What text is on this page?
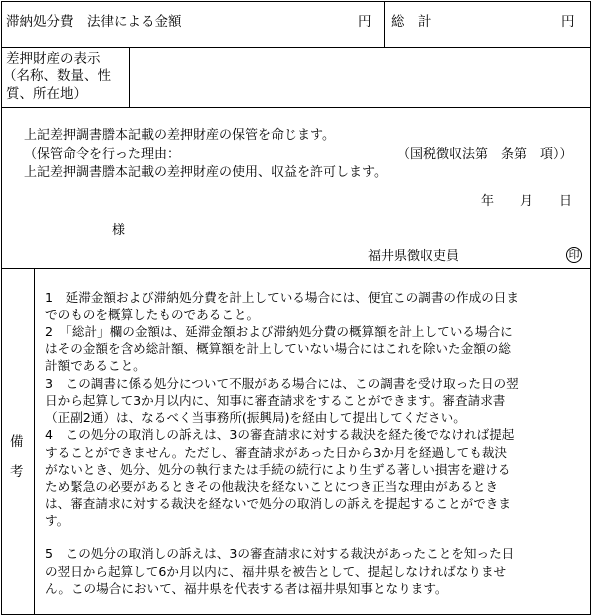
滞納処分費　法律による金額	円 総　計	円
差押財産の表示
（名称、数量、性
質、所在地）
上記差押調書謄本記載の差押財産の保管を命じます。
（保管命令を行った理由：	（国税徴収法第　条第　項））
上記差押調書謄本記載の差押財産の使用、収益を許可します。
年　　月　　日
様
福井県徴収吏員	印
備
考
1　延滞金額および滞納処分費を計上している場合には、便宜この調書の作成の日ま
でのものを概算したものであること。
2　「総計」欄の金額は、延滞金額および滞納処分費の概算額を計上している場合に
はその金額を含め総計額、概算額を計上していない場合にはこれを除いた金額の総
計額であること。
3　この調書に係る処分について不服がある場合には、この調書を受け取った日の翌
日から起算して3か月以内に、知事に審査請求をすることができます。審査請求書
（正副2通）は、なるべく当事務所(振興局)を経由して提出してください。
4　この処分の取消しの訴えは、3の審査請求に対する裁決を経た後でなければ提起
することができません。ただし、審査請求があった日から3か月を経過しても裁決
がないとき、処分、処分の執行または手続の続行により生ずる著しい損害を避ける
ため緊急の必要があるときその他裁決を経ないことにつき正当な理由があるとき
は、審査請求に対する裁決を経ないで処分の取消しの訴えを提起することができま
す。
5　この処分の取消しの訴えは、3の審査請求に対する裁決があったことを知った日
の翌日から起算して6か月以内に、福井県を被告として、提起しなければなりませ
ん。この場合において、福井県を代表する者は福井県知事となります。
